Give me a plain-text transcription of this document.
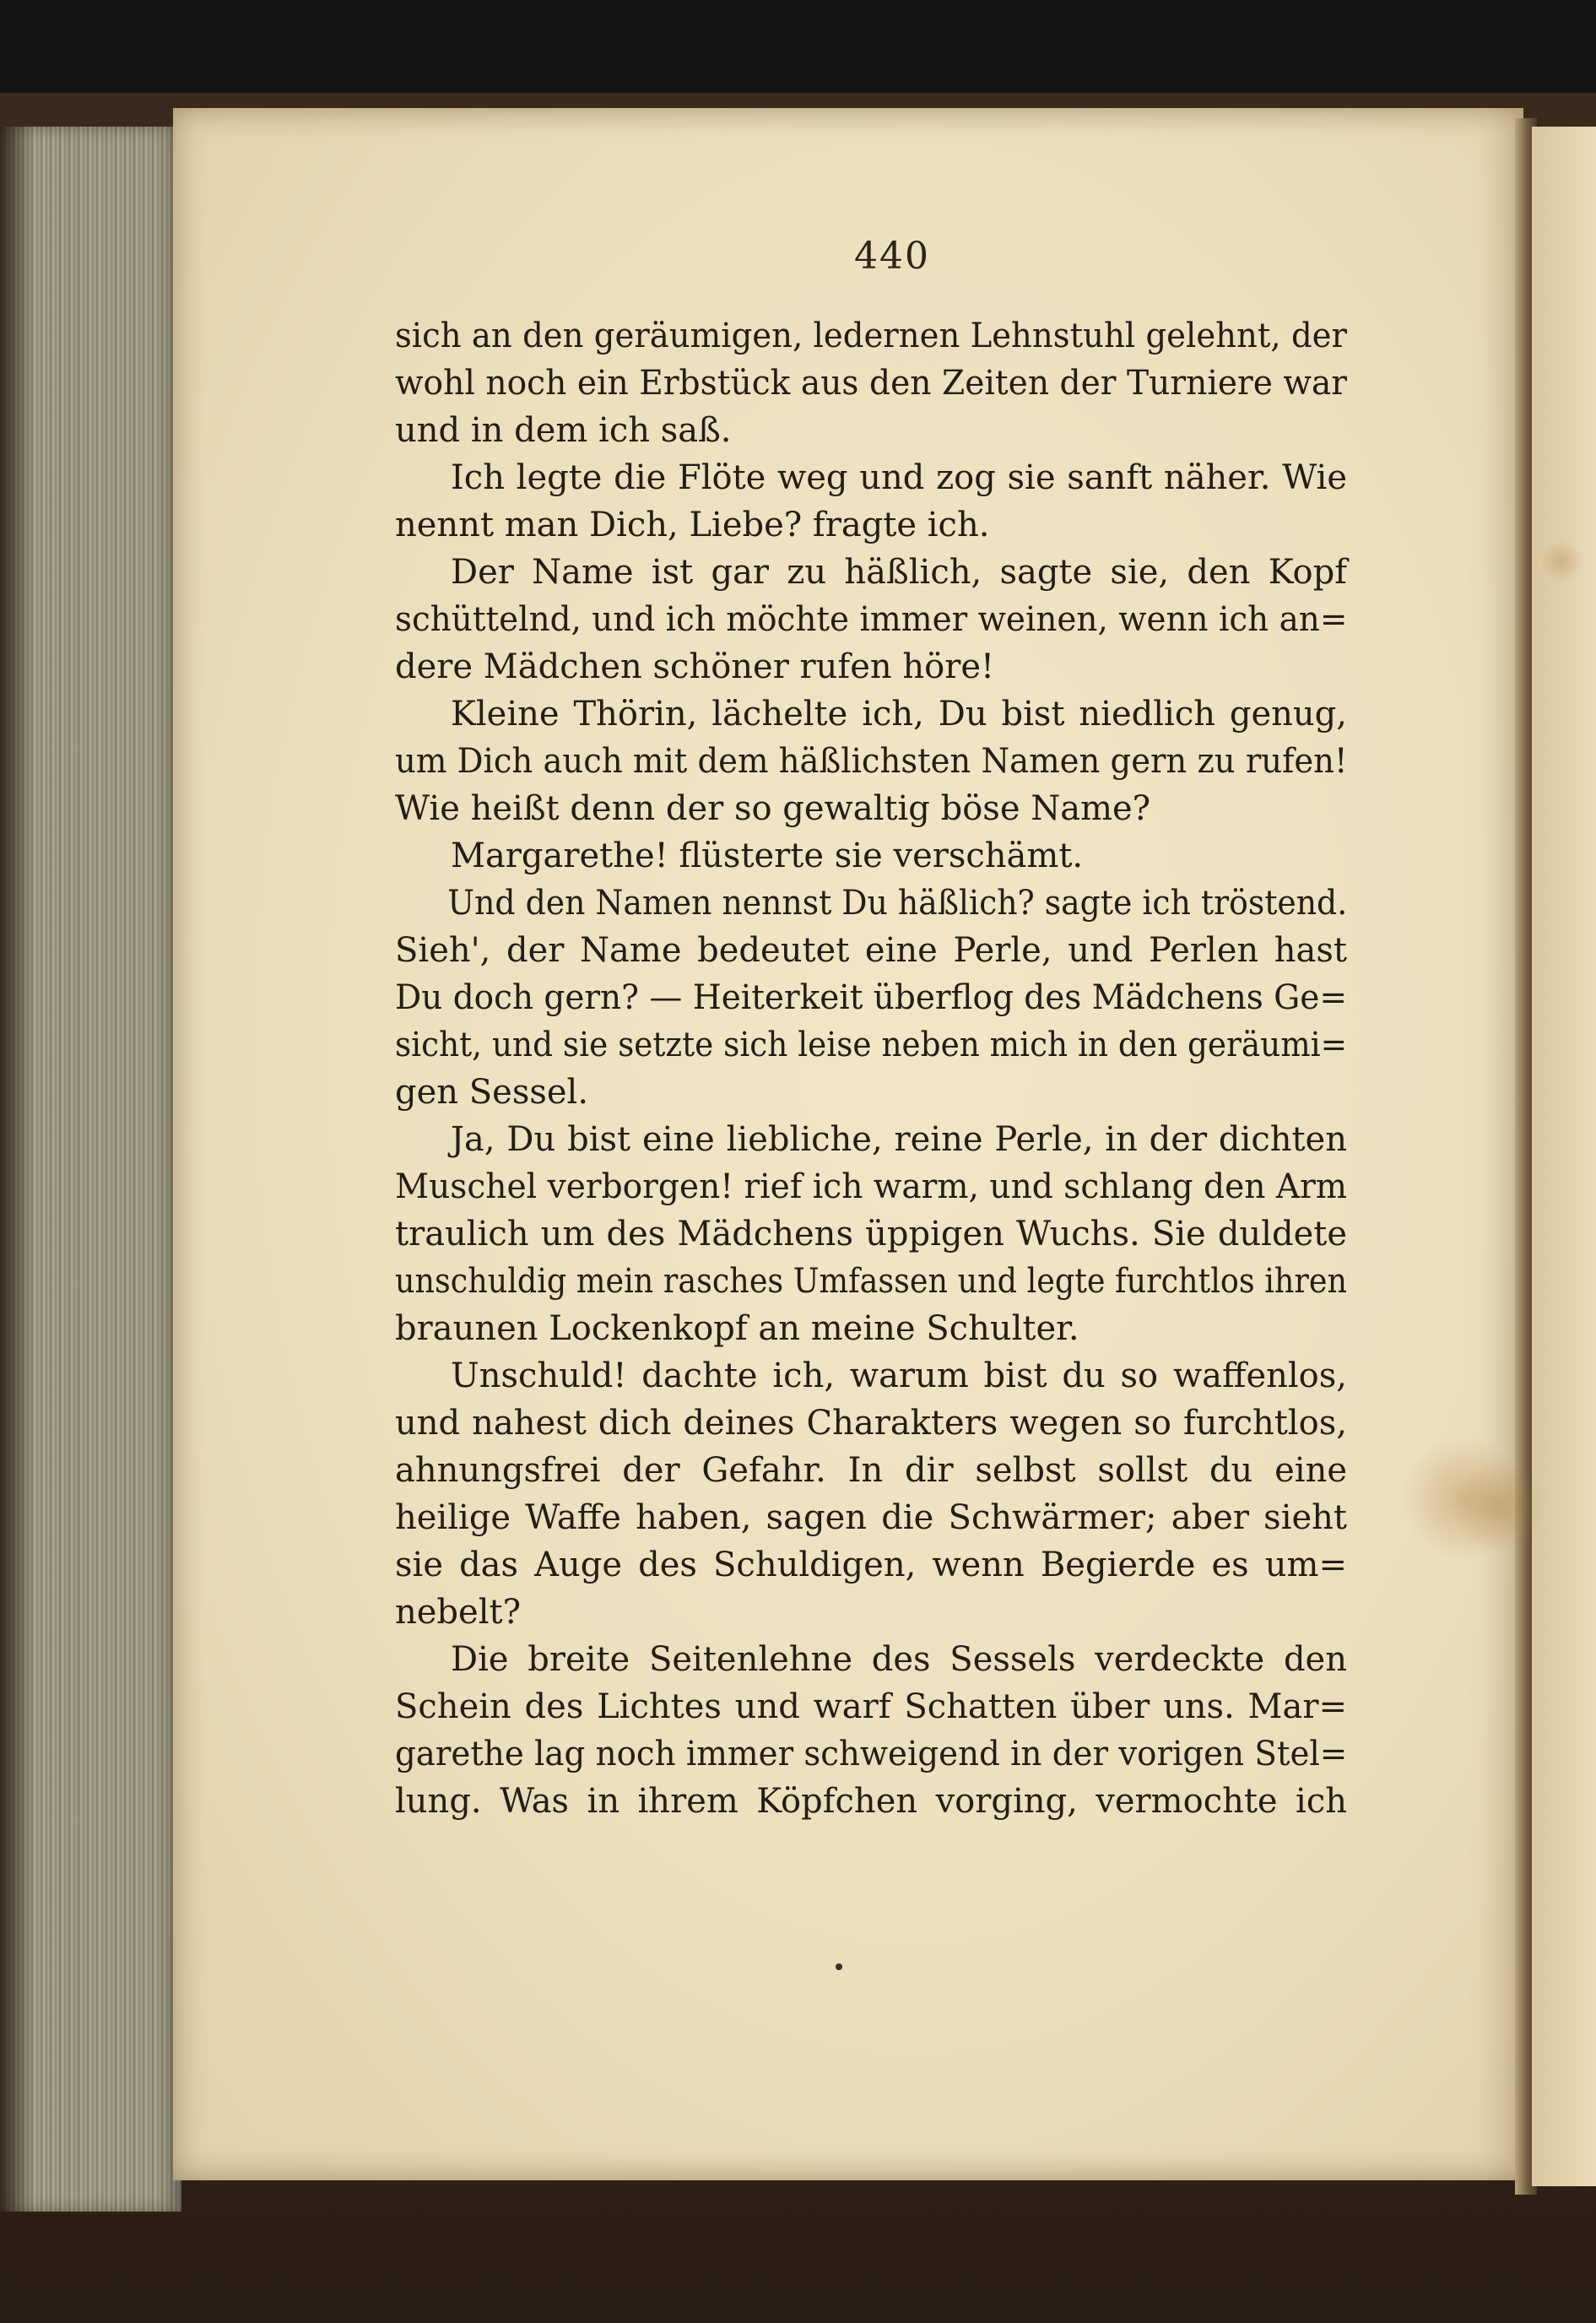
440
sich an den geräumigen, ledernen Lehnstuhl gelehnt, der
wohl noch ein Erbstück aus den Zeiten der Turniere war
und in dem ich saß.
Ich legte die Flöte weg und zog sie sanft näher. Wie
nennt man Dich, Liebe? fragte ich.
Der Name ist gar zu häßlich, sagte sie, den Kopf
schüttelnd, und ich möchte immer weinen, wenn ich an=
dere Mädchen schöner rufen höre!
Kleine Thörin, lächelte ich, Du bist niedlich genug,
um Dich auch mit dem häßlichsten Namen gern zu rufen!
Wie heißt denn der so gewaltig böse Name?
Margarethe! flüsterte sie verschämt.
Und den Namen nennst Du häßlich? sagte ich tröstend.
Sieh', der Name bedeutet eine Perle, und Perlen hast
Du doch gern? — Heiterkeit überflog des Mädchens Ge=
sicht, und sie setzte sich leise neben mich in den geräumi=
gen Sessel.
Ja, Du bist eine liebliche, reine Perle, in der dichten
Muschel verborgen! rief ich warm, und schlang den Arm
traulich um des Mädchens üppigen Wuchs. Sie duldete
unschuldig mein rasches Umfassen und legte furchtlos ihren
braunen Lockenkopf an meine Schulter.
Unschuld! dachte ich, warum bist du so waffenlos,
und nahest dich deines Charakters wegen so furchtlos,
ahnungsfrei der Gefahr. In dir selbst sollst du eine
heilige Waffe haben, sagen die Schwärmer; aber sieht
sie das Auge des Schuldigen, wenn Begierde es um=
nebelt?
Die breite Seitenlehne des Sessels verdeckte den
Schein des Lichtes und warf Schatten über uns. Mar=
garethe lag noch immer schweigend in der vorigen Stel=
lung. Was in ihrem Köpfchen vorging, vermochte ich
